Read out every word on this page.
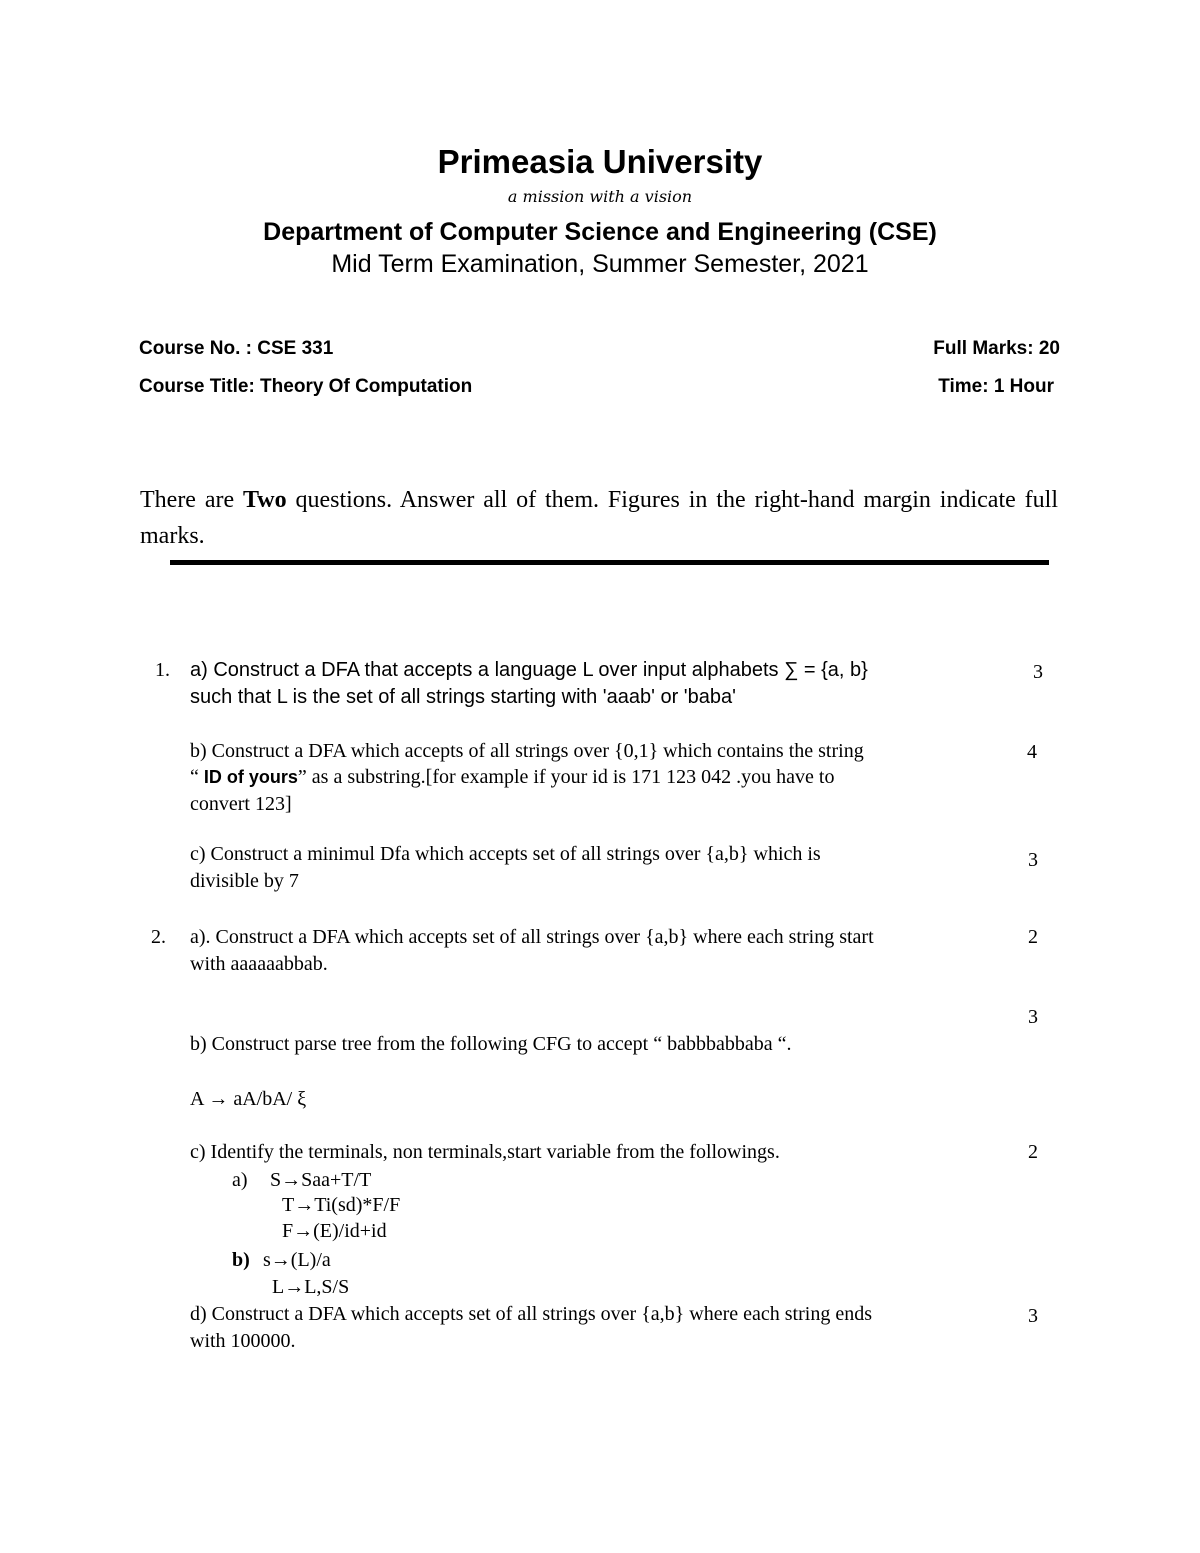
Primeasia University
a mission with a vision
Department of Computer Science and Engineering (CSE)
Mid Term Examination, Summer Semester, 2021
Course No. : CSE 331	Full Marks: 20
Course Title: Theory Of Computation	Time: 1 Hour
There are Two questions. Answer all of them. Figures in the right-hand margin indicate full marks.
1. a) Construct a DFA that accepts a language L over input alphabets ∑ = {a, b}
such that L is the set of all strings starting with 'aaab' or 'baba'
3
b) Construct a DFA which accepts of all strings over {0,1} which contains the string
“ ID of yours” as a substring.[for example if your id is 171 123 042 .you have to
convert 123]
4
c) Construct a minimul Dfa which accepts set of all strings over {a,b} which is
divisible by 7
3
2. a). Construct a DFA which accepts set of all strings over {a,b} where each string start
with aaaaaabbab.
2
3
b) Construct parse tree from the following CFG to accept “ babbbabbaba “.
A → aA/bA/ ξ
c) Identify the terminals, non terminals,start variable from the followings.	2
a) S→Saa+T/T
T→Ti(sd)*F/F
F→(E)/id+id
b) s→(L)/a
L→L,S/S
d) Construct a DFA which accepts set of all strings over {a,b} where each string ends
with 100000.
3
